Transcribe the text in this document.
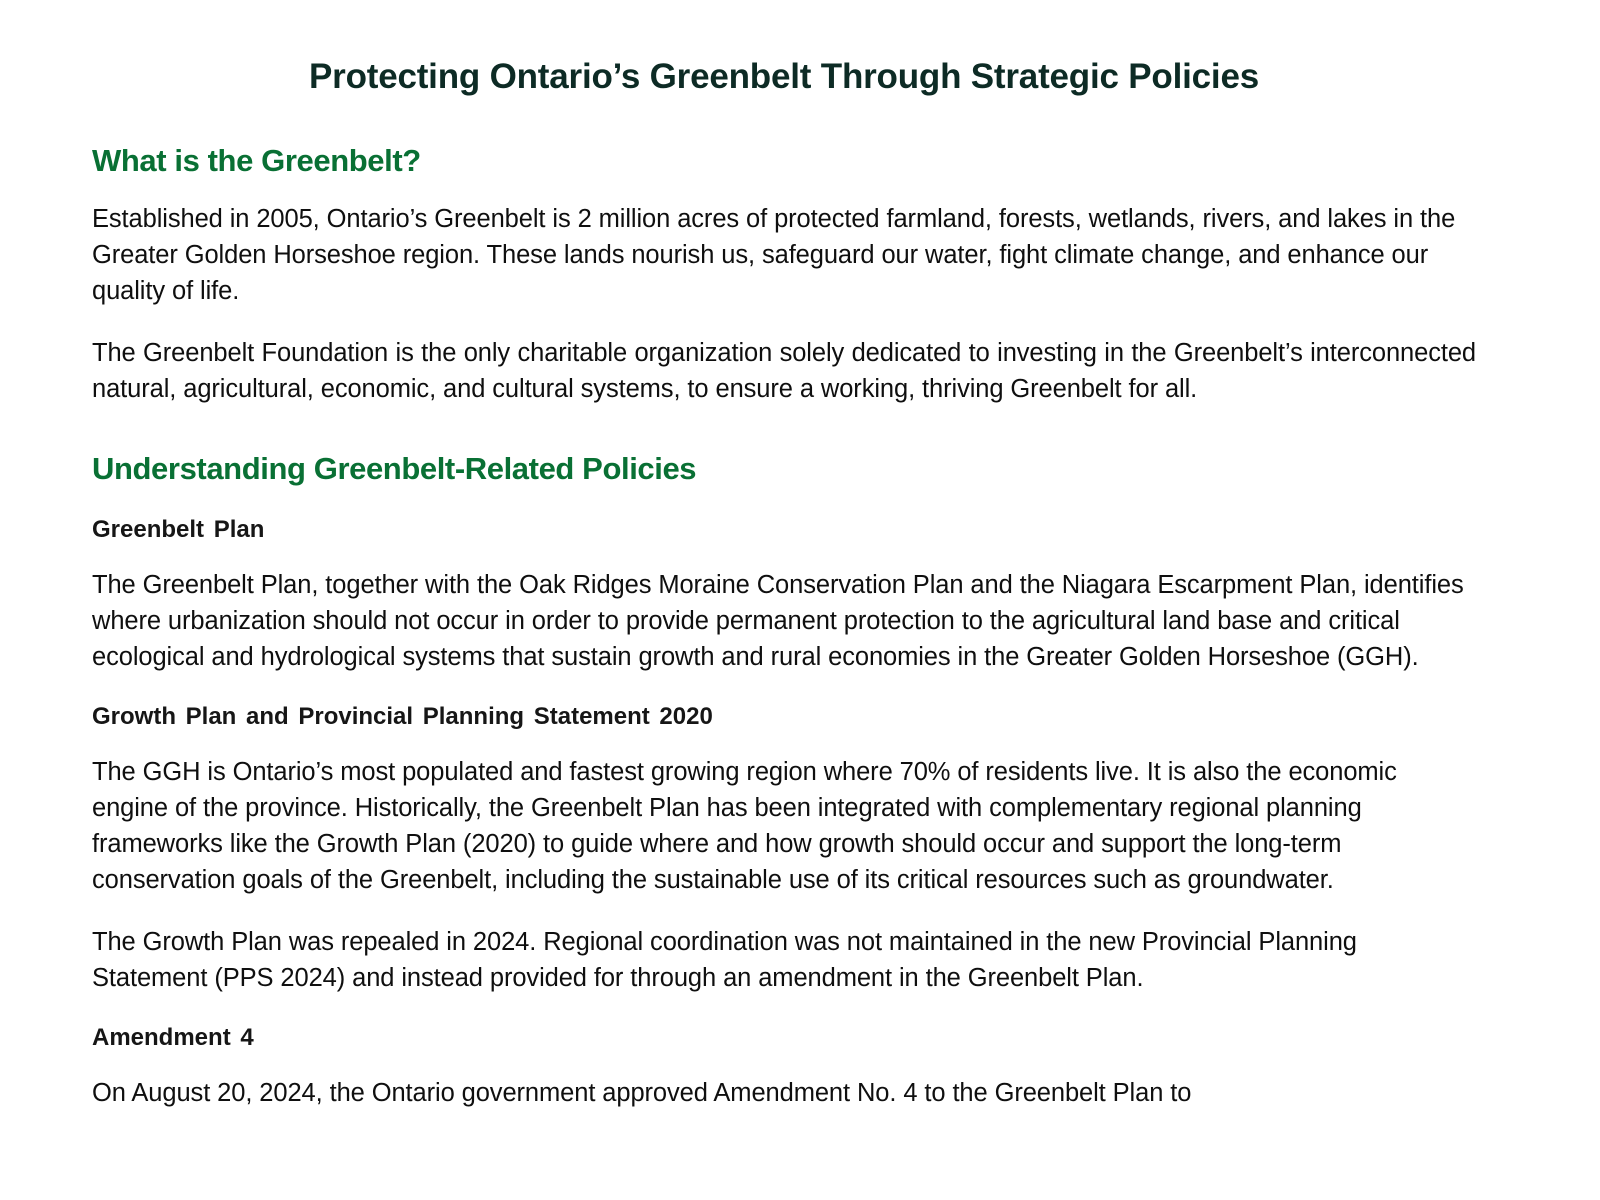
Protecting Ontario’s Greenbelt Through Strategic Policies
What is the Greenbelt?

Established in 2005, Ontario’s Greenbelt is 2 million acres of protected farmland, forests, wetlands, rivers, and lakes in the Greater Golden Horseshoe region. These lands nourish us, safeguard our water, fight climate change, and enhance our quality of life.

The Greenbelt Foundation is the only charitable organization solely dedicated to investing in the Greenbelt’s interconnected natural, agricultural, economic, and cultural systems, to ensure a working, thriving Greenbelt for all.

Understanding Greenbelt-Related Policies
Greenbelt Plan

The Greenbelt Plan, together with the Oak Ridges Moraine Conservation Plan and the Niagara Escarpment Plan, identifies where urbanization should not occur in order to provide permanent protection to the agricultural land base and critical ecological and hydrological systems that sustain growth and rural economies in the Greater Golden Horseshoe (GGH).

Growth Plan and Provincial Planning Statement 2020

The GGH is Ontario’s most populated and fastest growing region where 70% of residents live. It is also the economic engine of the province. Historically, the Greenbelt Plan has been integrated with complementary regional planning frameworks like the Growth Plan (2020) to guide where and how growth should occur and support the long-term conservation goals of the Greenbelt, including the sustainable use of its critical resources such as groundwater.

The Growth Plan was repealed in 2024. Regional coordination was not maintained in the new Provincial Planning Statement (PPS 2024) and instead provided for through an amendment in the Greenbelt Plan.

Amendment 4

On August 20, 2024, the Ontario government approved Amendment No. 4 to the Greenbelt Plan to
